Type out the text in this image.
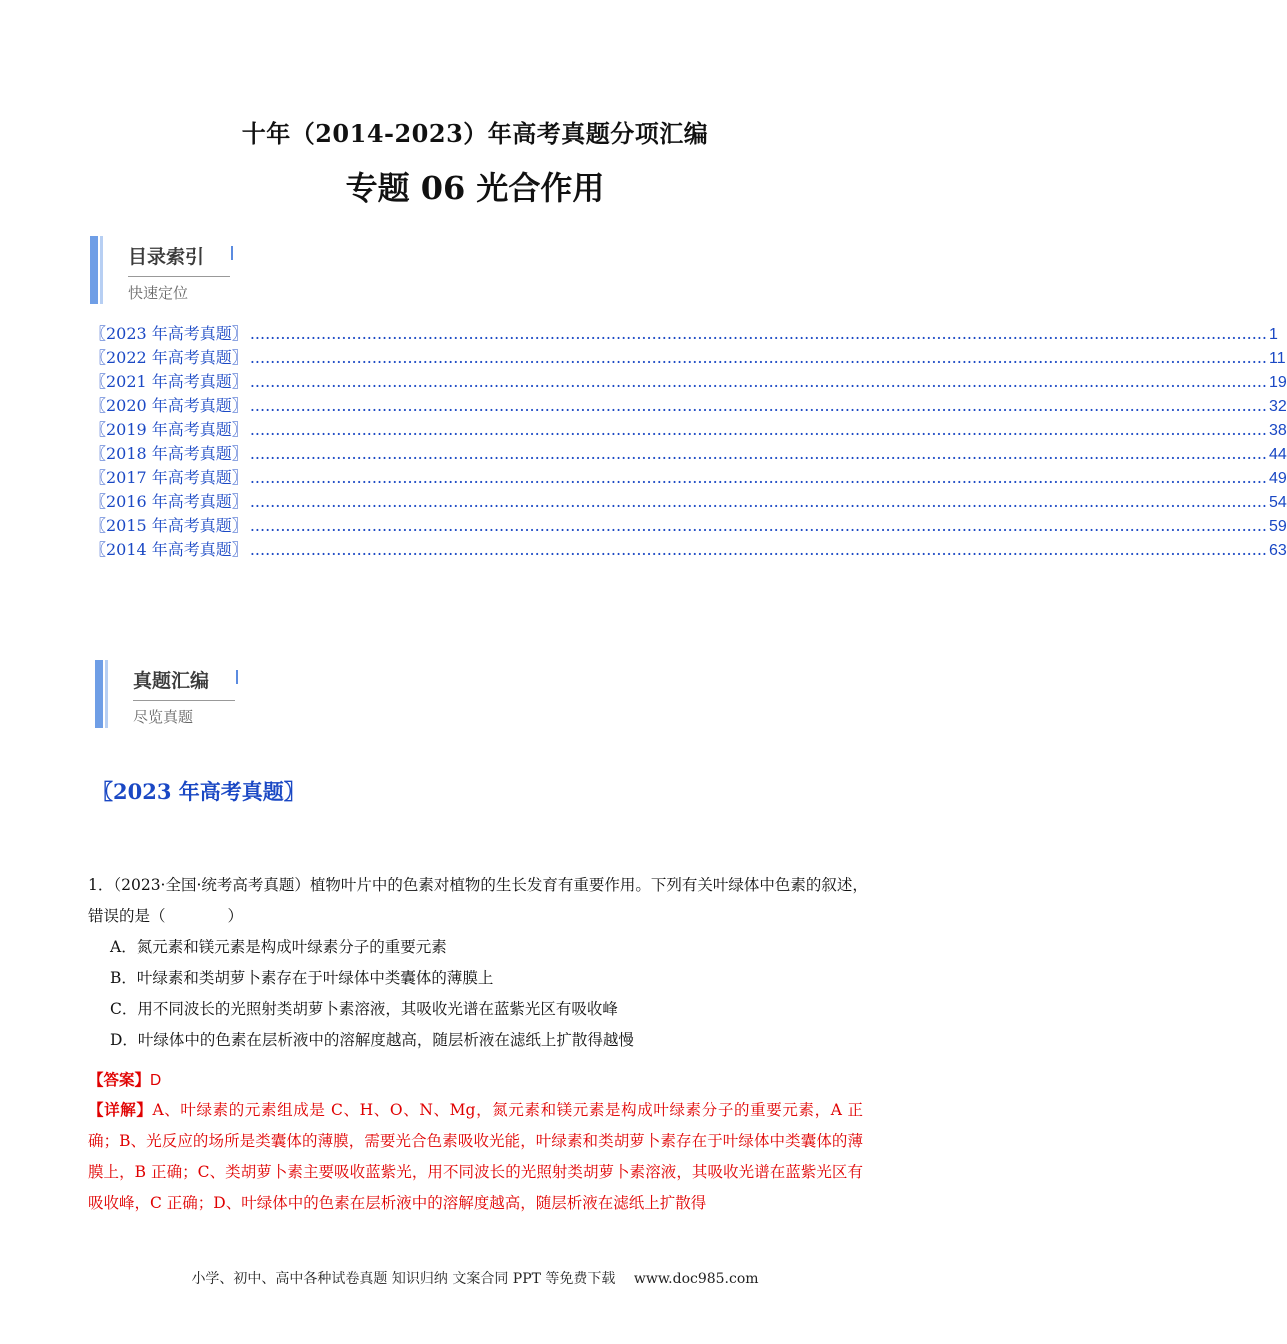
十年（2014-2023）年高考真题分项汇编
专题 06 光合作用
目录索引
快速定位
〖2023 年高考真题〗 ........................................................................................................................................................................................................ 1
〖2022 年高考真题〗 ........................................................................................................................................................................................................ 11
〖2021 年高考真题〗 ........................................................................................................................................................................................................ 19
〖2020 年高考真题〗 ........................................................................................................................................................................................................ 32
〖2019 年高考真题〗 ........................................................................................................................................................................................................ 38
〖2018 年高考真题〗 ........................................................................................................................................................................................................ 44
〖2017 年高考真题〗 ........................................................................................................................................................................................................ 49
〖2016 年高考真题〗 ........................................................................................................................................................................................................ 54
〖2015 年高考真题〗 ........................................................................................................................................................................................................ 59
〖2014 年高考真题〗 ........................................................................................................................................................................................................ 63
真题汇编
尽览真题
〖2023 年高考真题〗
1．（2023·全国·统考高考真题）植物叶片中的色素对植物的生长发育有重要作用。下列有关叶绿体中色素的叙述，错误的是（　　　　）
A．氮元素和镁元素是构成叶绿素分子的重要元素
B．叶绿素和类胡萝卜素存在于叶绿体中类囊体的薄膜上
C．用不同波长的光照射类胡萝卜素溶液，其吸收光谱在蓝紫光区有吸收峰
D．叶绿体中的色素在层析液中的溶解度越高，随层析液在滤纸上扩散得越慢
【答案】D
【详解】A、叶绿素的元素组成是 C、H、O、N、Mg，氮元素和镁元素是构成叶绿素分子的重要元素，A 正确；B、光反应的场所是类囊体的薄膜，需要光合色素吸收光能，叶绿素和类胡萝卜素存在于叶绿体中类囊体的薄膜上，B 正确；C、类胡萝卜素主要吸收蓝紫光，用不同波长的光照射类胡萝卜素溶液，其吸收光谱在蓝紫光区有吸收峰，C 正确；D、叶绿体中的色素在层析液中的溶解度越高，随层析液在滤纸上扩散得
小学、初中、高中各种试卷真题 知识归纳 文案合同 PPT 等免费下载　 www.doc985.com
